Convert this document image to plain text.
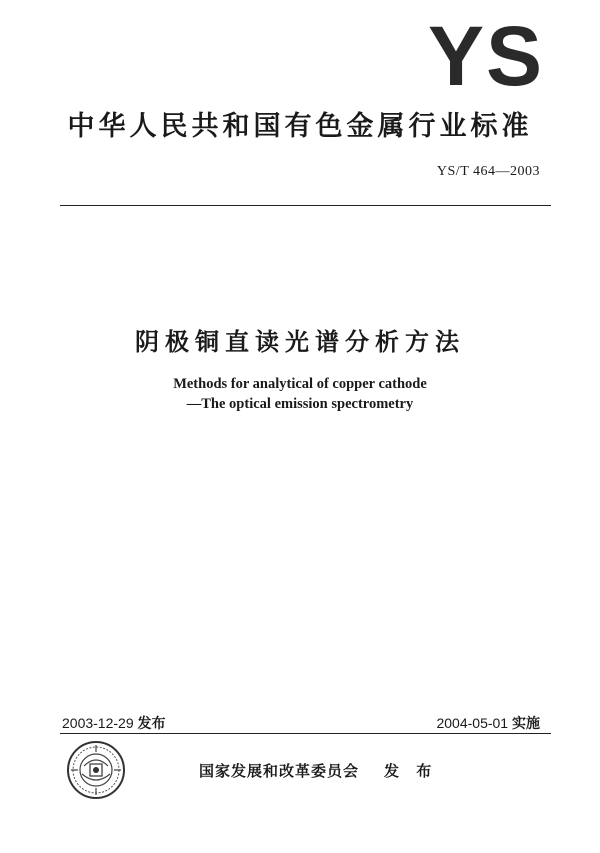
YS
中华人民共和国有色金属行业标准
YS/T 464—2003
阴极铜直读光谱分析方法
Methods for analytical of copper cathode
—The optical emission spectrometry
2003-12-29 发布	2004-05-01 实施
国家发展和改革委员会 发 布
